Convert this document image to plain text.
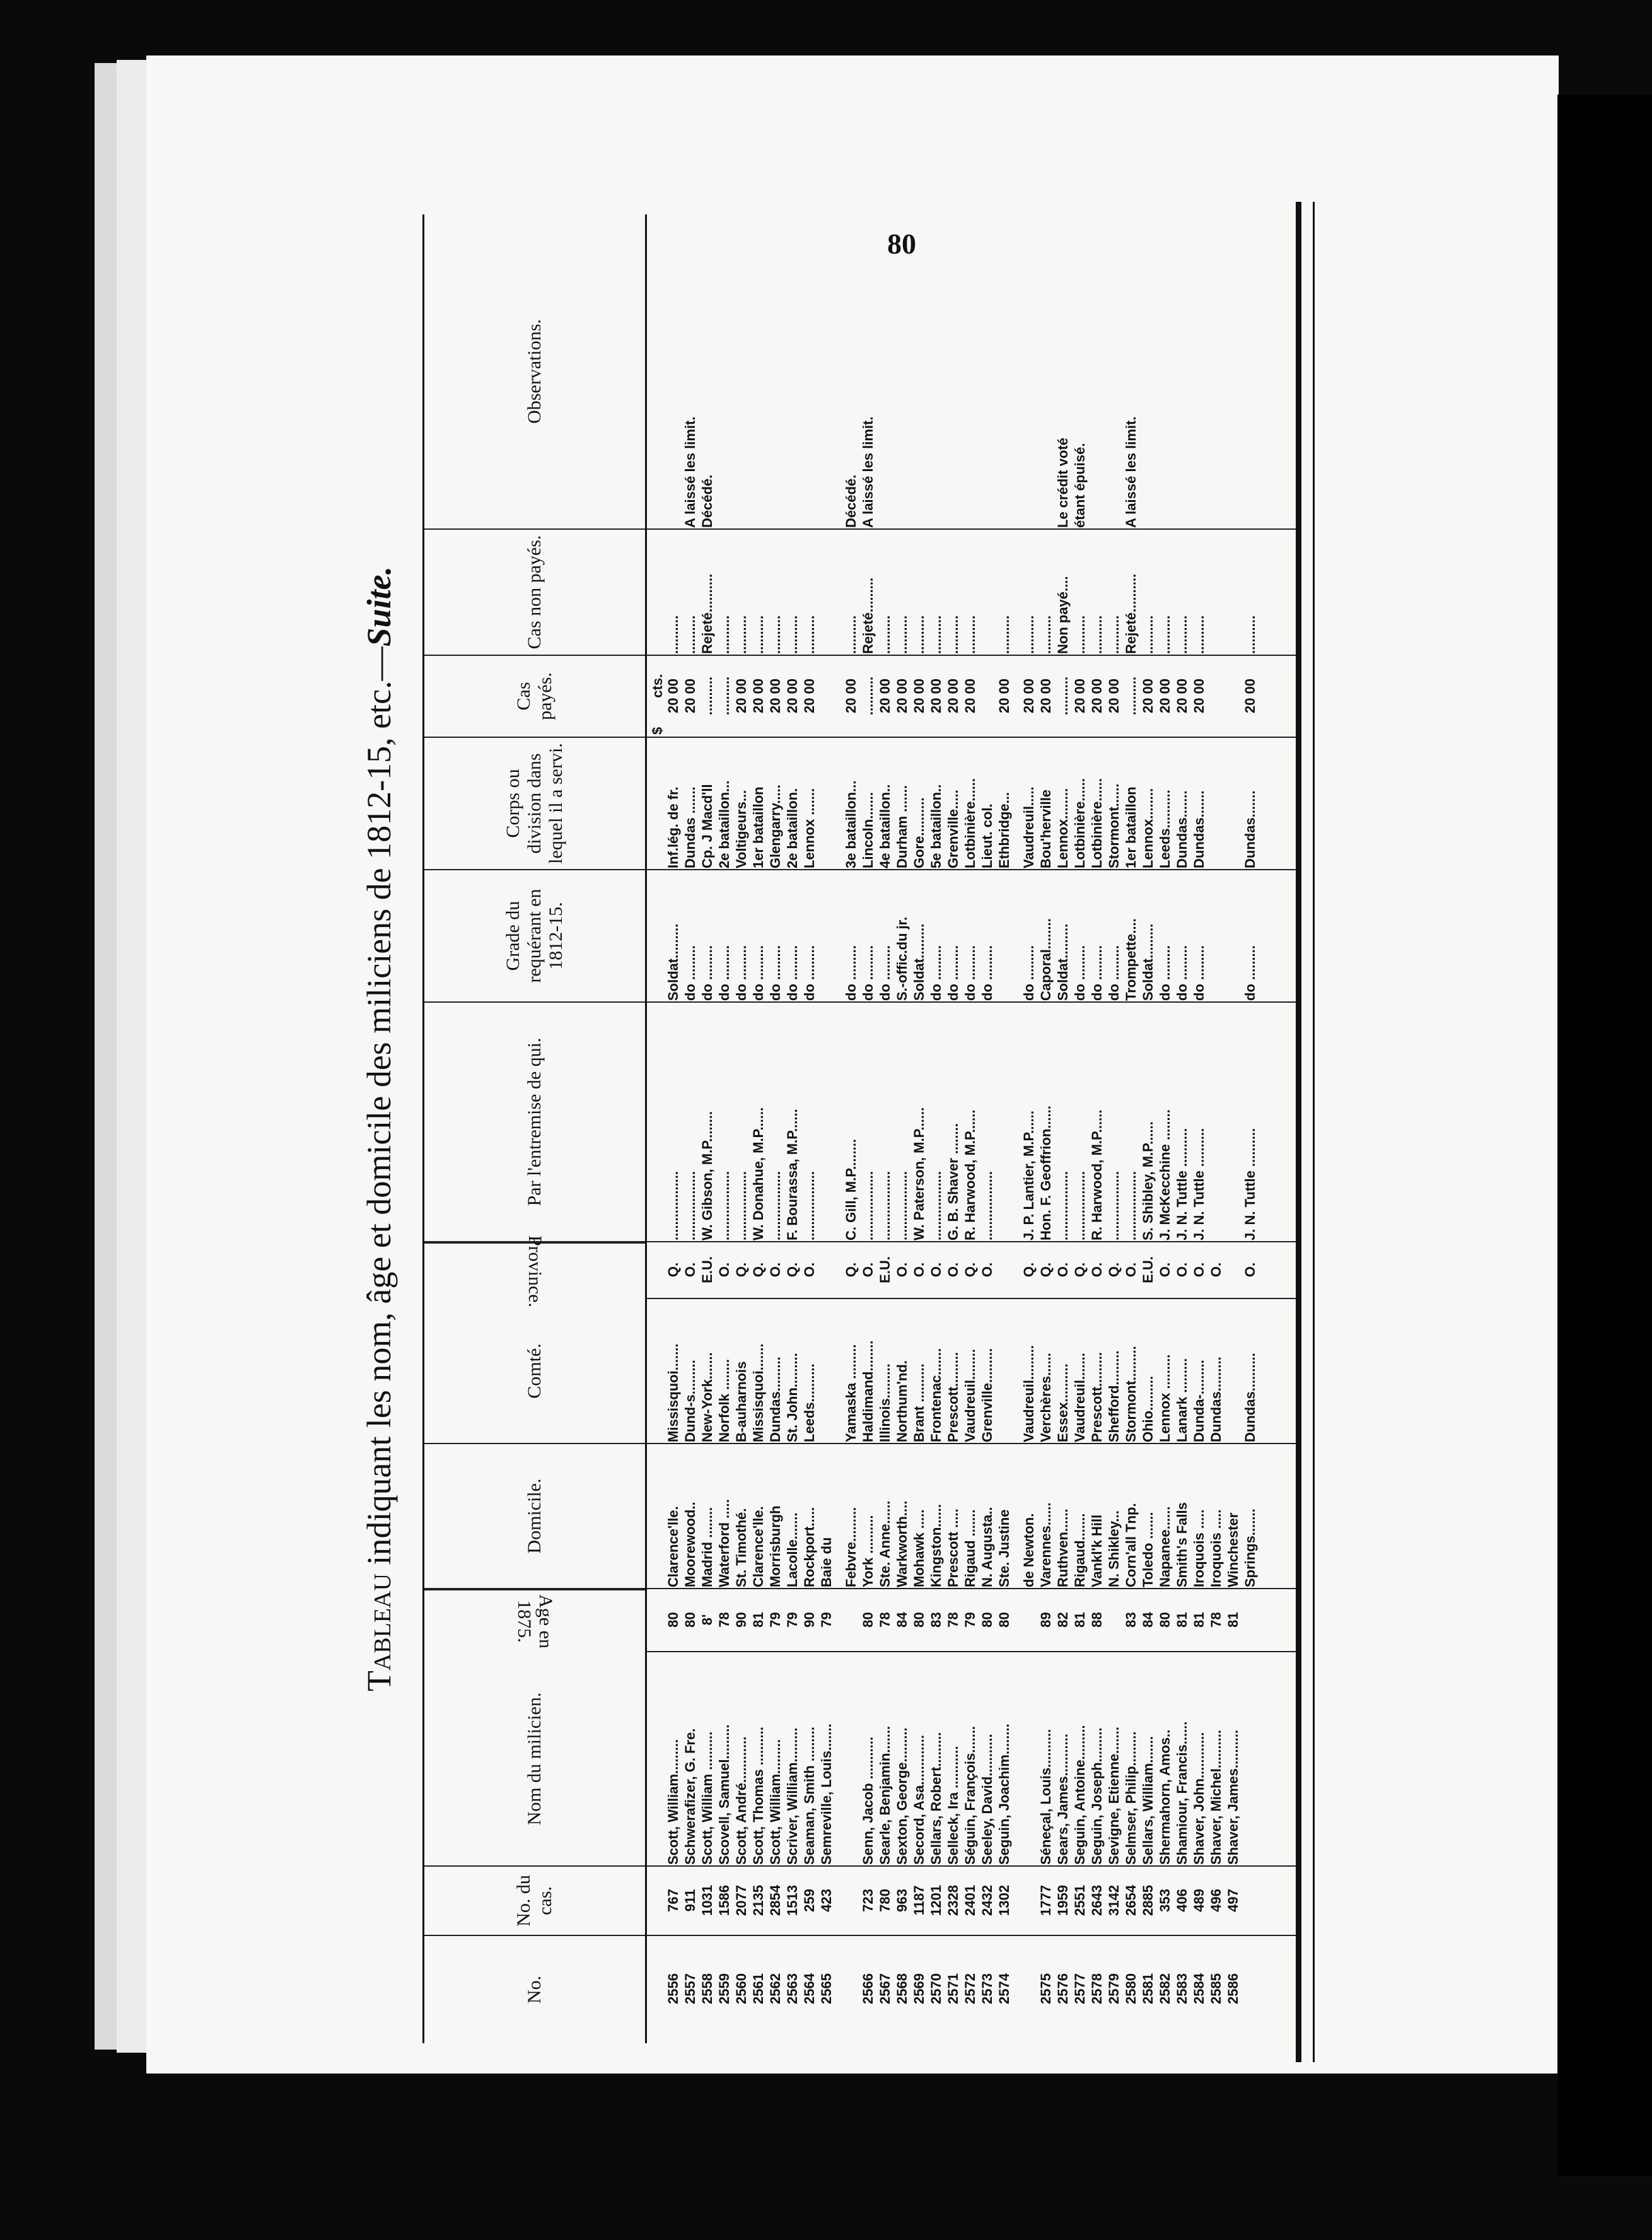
80
Tableau indiquant les nom, âge et domicile des miliciens de 1812-15, etc.—Suite.
No.
No. du cas.
Nom du milicien.
Age en 1875.
Domicile.
Comté.
Province.
Par l'entremise de qui.
Grade du requérant en 1812-15.
Corps ou division dans lequel il a servi.
Cas payés.
Cas non payés.
Observations.
$ cts.
2556
767
Scott, William.........
80
Clarence'lle.
Missisquoi.......
Q.
..................
Soldat.........
Inf.lég. de fr.
20 00
..........
2557
911
Schwerafizer, G. Fre.
80
Moorewood..
Dund-s.........
O.
..................
do .........
Dundas .......
20 00
..........
A laissé les limit.
2558
1031
Scott, William ..........
8'
Madrid ........
New-York.......
E.U.
W. Gibson, M.P........
do .........
Cp. J Macd'll
..........
Rejeté..........
Décédé.
2559
1586
Scovell, Samuel.........
78
Waterford .....
Norfolk ........
O.
..................
do .........
2e bataillon...
..........
..........
2560
2077
Scott, André............
90
St. Timothé.
B-auharnois
Q.
..................
do .........
Voltigeurs...
20 00
..........
2561
2135
Scott, Thomas ..........
81
Clarence'lle.
Missisquoi.......
Q.
W. Donahue, M.P......
do .........
1er bataillon
20 00
..........
2562
2854
Scott, William.........
79
Morrisburgh
Dundas.........
O.
..................
do .........
Glengarry.....
20 00
..........
2563
1513
Scriver, William.........
79
Lacolle.......
St. John.........
Q.
F. Bourassa, M.P......
do .........
2e bataillon.
20 00
..........
2564
259
Seaman, Smith .........
90
Rockport.....
Leeds..........
O.
..................
do .........
Lennox .......
20 00
..........
2565
423
Semreville, Louis.......
79
Baie du Febvre.........
Yamaska .........
Q.
C. Gill, M.P........
do .........
3e bataillon...
20 00
..........
Décédé.
2566
723
Senn, Jacob ...........
80
York ..........
Haldimand........
O.
..................
do .........
Lincoln.......
..........
Rejeté.........
A laissé les limit.
2567
780
Searle, Benjamin.......
78
Ste. Anne......
Illinois.........
E.U.
..................
do .........
4e bataillon..
20 00
..........
2568
963
Sexton, George.........
84
Warkworth....
Northum'nd.
O.
..................
S.-offic.du jr.
Durham .......
20 00
..........
2569
1187
Secord, Asa.............
80
Mohawk .....
Brant ..........
O.
W. Paterson, M.P......
Soldat.........
Gore..........
20 00
..........
2570
1201
Sellars, Robert.........
83
Kingston......
Frontenac.......
O.
..................
do .........
5e bataillon..
20 00
..........
2571
2328
Selleck, Ira ...........
78
Prescott .....
Prescott.........
O.
G. B. Shaver ........
do .........
Grenville.....
20 00
..........
2572
2401
Séguin, François.......
79
Rigaud .......
Vaudreuil........
Q.
R. Harwood, M.P......
do .........
Lotbinière......
20 00
..........
2573
2432
Seeley, David...........
80
N. Augusta..
Grenville.........
O.
..................
do .........
Lieut. col.
2574
1302
Seguin, Joachim........
80
Ste. Justine
Ethbridge...
20 00
..........
de Newton.
Vaudreuil.........
Q.
J. P. Lantier, M.P......
do .........
Vaudreuil.....
20 00
..........
2575
1777
Séneçal, Louis..........
89
Varennes......
Verchères......
Q.
Hon. F. Geoffrion......
Caporal........
Bou'herville
20 00
..........
2576
1959
Sears, James...........
82
Ruthven......
Essex..........
O.
..................
Soldat.........
Lennox........
..........
Non payé....
Le crédit voté
2577
2551
Seguin, Antoine.........
81
Rigaud.......
Vaudreuil.......
Q.
..................
do .........
Lotbinière......
20 00
..........
étant épuisé.
2578
2643
Seguin, Joseph.........
88
Vankl'k Hill
Prescott.........
O.
R. Harwood, M.P......
do .........
Lotbinière......
20 00
..........
2579
3142
Sevigne, Etienne.......
N. Shikley...
Shefford.........
Q.
..................
do .........
Stormont......
20 00
..........
2580
2654
Selmser, Philip.........
83
Corn'all Tnp.
Stormont.........
O.
..................
Trompette....
1er bataillon
..........
Rejeté..........
A laissé les limit.
2581
2885
Sellars, William.......
84
Toledo .......
Ohio.........
E.U.
S. Shibley, M.P......
Soldat.........
Lennox........
20 00
..........
2582
353
Shermahorn, Amos..
80
Napanee......
Lennox .........
O.
J. McKecchine ........
do .........
Leeds..........
20 00
..........
2583
406
Shamiour, Francis......
81
Smith's Falls
Lanark .........
O.
J. N. Tuttle ..........
do .........
Dundas.......
20 00
..........
2584
489
Shaver, John............
81
Iroquois .....
Dunda-.........
O.
J. N. Tuttle ..........
do .........
Dundas.......
20 00
..........
2585
496
Shaver, Michel..........
78
Iroquois .....
Dundas.........
O.
2586
497
Shaver, James..........
81
Winchester Springs.......
Dundas..........
O.
J. N. Tuttle ..........
do .........
Dundas.......
20 00
..........
